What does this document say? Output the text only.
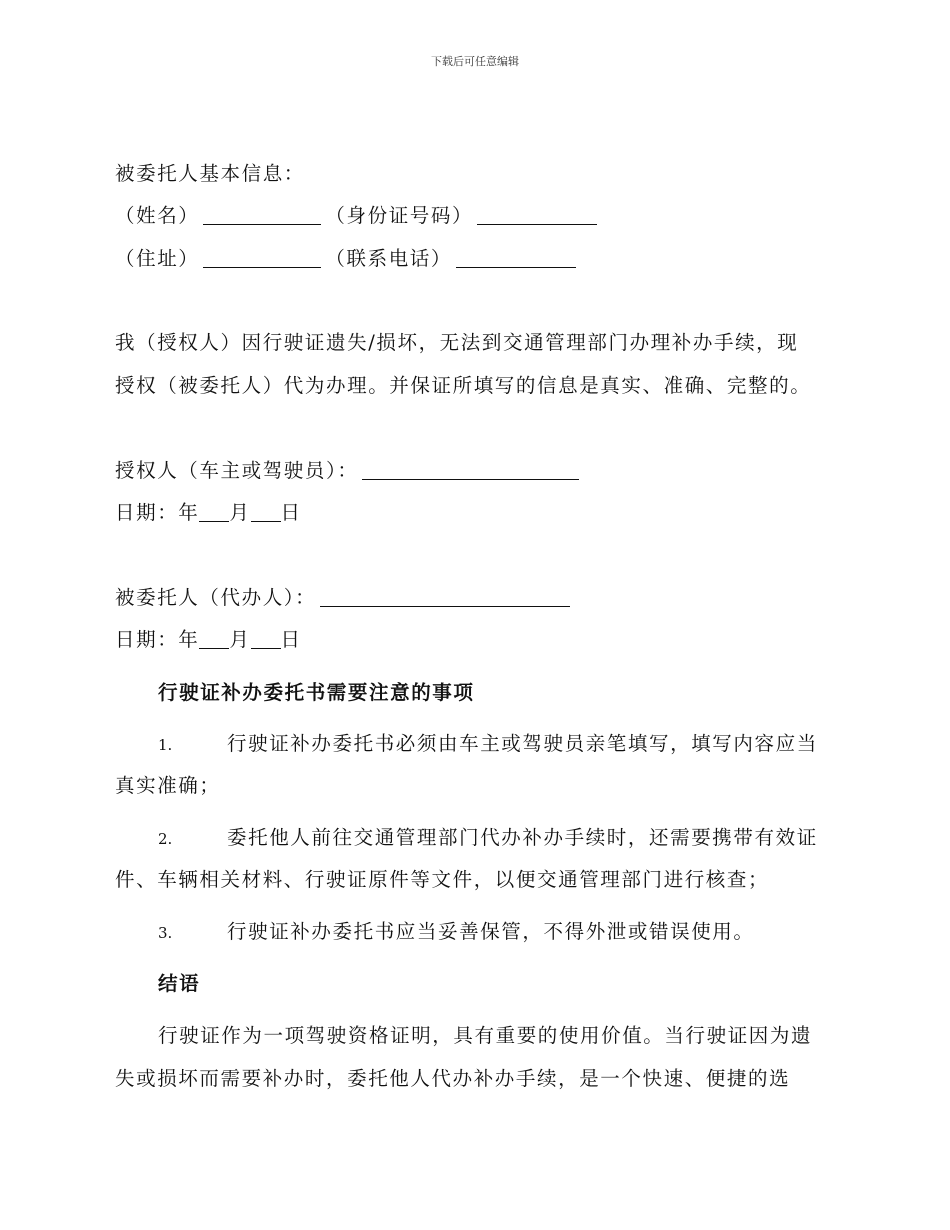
下载后可任意编辑
被委托人基本信息：
（姓名）	（身份证号码）
（住址）	（联系电话）
我（授权人）因行驶证遗失/损坏，无法到交通管理部门办理补办手续，现
授权（被委托人）代为办理。并保证所填写的信息是真实、准确、完整的。
授权人（车主或驾驶员）：
日期：年 月 日
被委托人（代办人）：
日期：年 月 日
行驶证补办委托书需要注意的事项
1.	行驶证补办委托书必须由车主或驾驶员亲笔填写，填写内容应当
真实准确；
2.	委托他人前往交通管理部门代办补办手续时，还需要携带有效证
件、车辆相关材料、行驶证原件等文件，以便交通管理部门进行核查；
3.	行驶证补办委托书应当妥善保管，不得外泄或错误使用。
结语
行驶证作为一项驾驶资格证明，具有重要的使用价值。当行驶证因为遗
失或损坏而需要补办时，委托他人代办补办手续，是一个快速、便捷的选
